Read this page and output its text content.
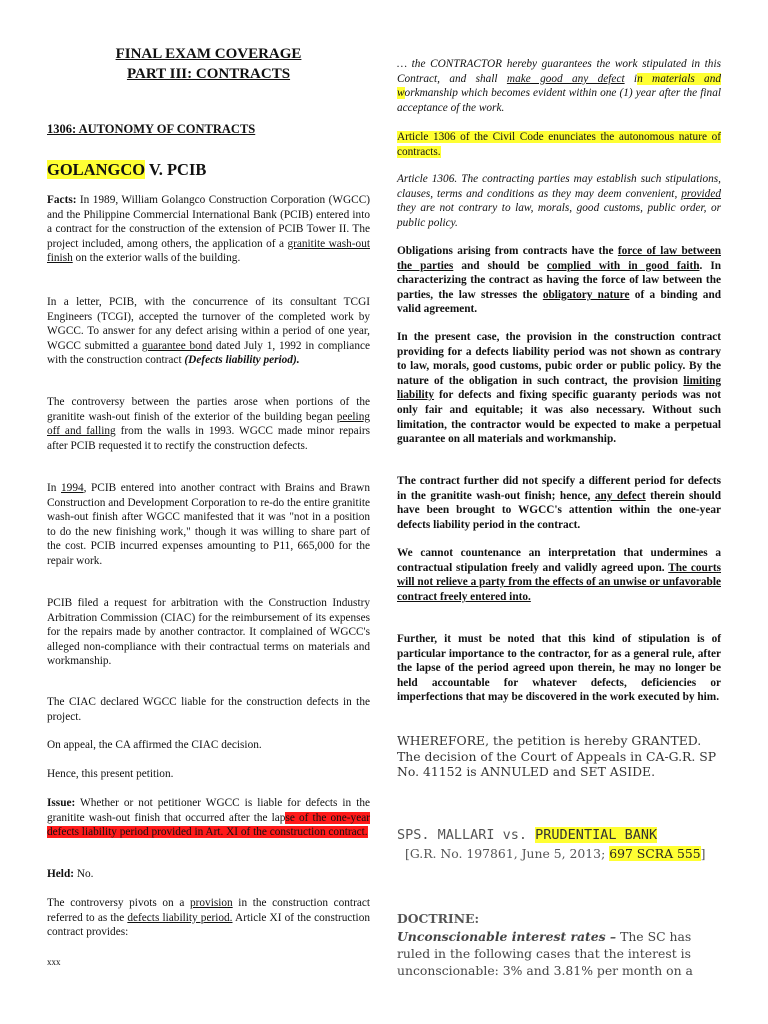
FINAL EXAM COVERAGE
PART III: CONTRACTS
1306: AUTONOMY OF CONTRACTS
GOLANGCO V. PCIB

Facts: In 1989, William Golangco Construction Corporation (WGCC) and the Philippine Commercial International Bank (PCIB) entered into a contract for the construction of the extension of PCIB Tower II. The project included, among others, the application of a granitite wash-out finish on the exterior walls of the building.

In a letter, PCIB, with the concurrence of its consultant TCGI Engineers (TCGI), accepted the turnover of the completed work by WGCC. To answer for any defect arising within a period of one year, WGCC submitted a guarantee bond dated July 1, 1992 in compliance with the construction contract (Defects liability period).

The controversy between the parties arose when portions of the granitite wash-out finish of the exterior of the building began peeling off and falling from the walls in 1993. WGCC made minor repairs after PCIB requested it to rectify the construction defects.

In 1994, PCIB entered into another contract with Brains and Brawn Construction and Development Corporation to re-do the entire granitite wash-out finish after WGCC manifested that it was "not in a position to do the new finishing work," though it was willing to share part of the cost. PCIB incurred expenses amounting to P11, 665,000 for the repair work.

PCIB filed a request for arbitration with the Construction Industry Arbitration Commission (CIAC) for the reimbursement of its expenses for the repairs made by another contractor. It complained of WGCC's alleged non-compliance with their contractual terms on materials and workmanship.

The CIAC declared WGCC liable for the construction defects in the project.

On appeal, the CA affirmed the CIAC decision.

Hence, this present petition.

Issue: Whether or not petitioner WGCC is liable for defects in the granitite wash-out finish that occurred after the lapse of the one-year defects liability period provided in Art. XI of the construction contract.

Held: No.

The controversy pivots on a provision in the construction contract referred to as the defects liability period. Article XI of the construction contract provides:

xxx

… the CONTRACTOR hereby guarantees the work stipulated in this Contract, and shall make good any defect in materials and workmanship which becomes evident within one (1) year after the final acceptance of the work.

Article 1306 of the Civil Code enunciates the autonomous nature of contracts.

Article 1306. The contracting parties may establish such stipulations, clauses, terms and conditions as they may deem convenient, provided they are not contrary to law, morals, good customs, public order, or public policy.

Obligations arising from contracts have the force of law between the parties and should be complied with in good faith. In characterizing the contract as having the force of law between the parties, the law stresses the obligatory nature of a binding and valid agreement.

In the present case, the provision in the construction contract providing for a defects liability period was not shown as contrary to law, morals, good customs, pubic order or public policy. By the nature of the obligation in such contract, the provision limiting liability for defects and fixing specific guaranty periods was not only fair and equitable; it was also necessary. Without such limitation, the contractor would be expected to make a perpetual guarantee on all materials and workmanship.

The contract further did not specify a different period for defects in the granitite wash-out finish; hence, any defect therein should have been brought to WGCC's attention within the one-year defects liability period in the contract.

We cannot countenance an interpretation that undermines a contractual stipulation freely and validly agreed upon. The courts will not relieve a party from the effects of an unwise or unfavorable contract freely entered into.

Further, it must be noted that this kind of stipulation is of particular importance to the contractor, for as a general rule, after the lapse of the period agreed upon therein, he may no longer be held accountable for whatever defects, deficiencies or imperfections that may be discovered in the work executed by him.

WHEREFORE, the petition is hereby GRANTED. The decision of the Court of Appeals in CA-G.R. SP No. 41152 is ANNULED and SET ASIDE.

SPS. MALLARI vs. PRUDENTIAL BANK
[G.R. No. 197861, June 5, 2013; 697 SCRA 555]
DOCTRINE:

Unconscionable interest rates – The SC has ruled in the following cases that the interest is unconscionable: 3% and 3.81% per month on a
